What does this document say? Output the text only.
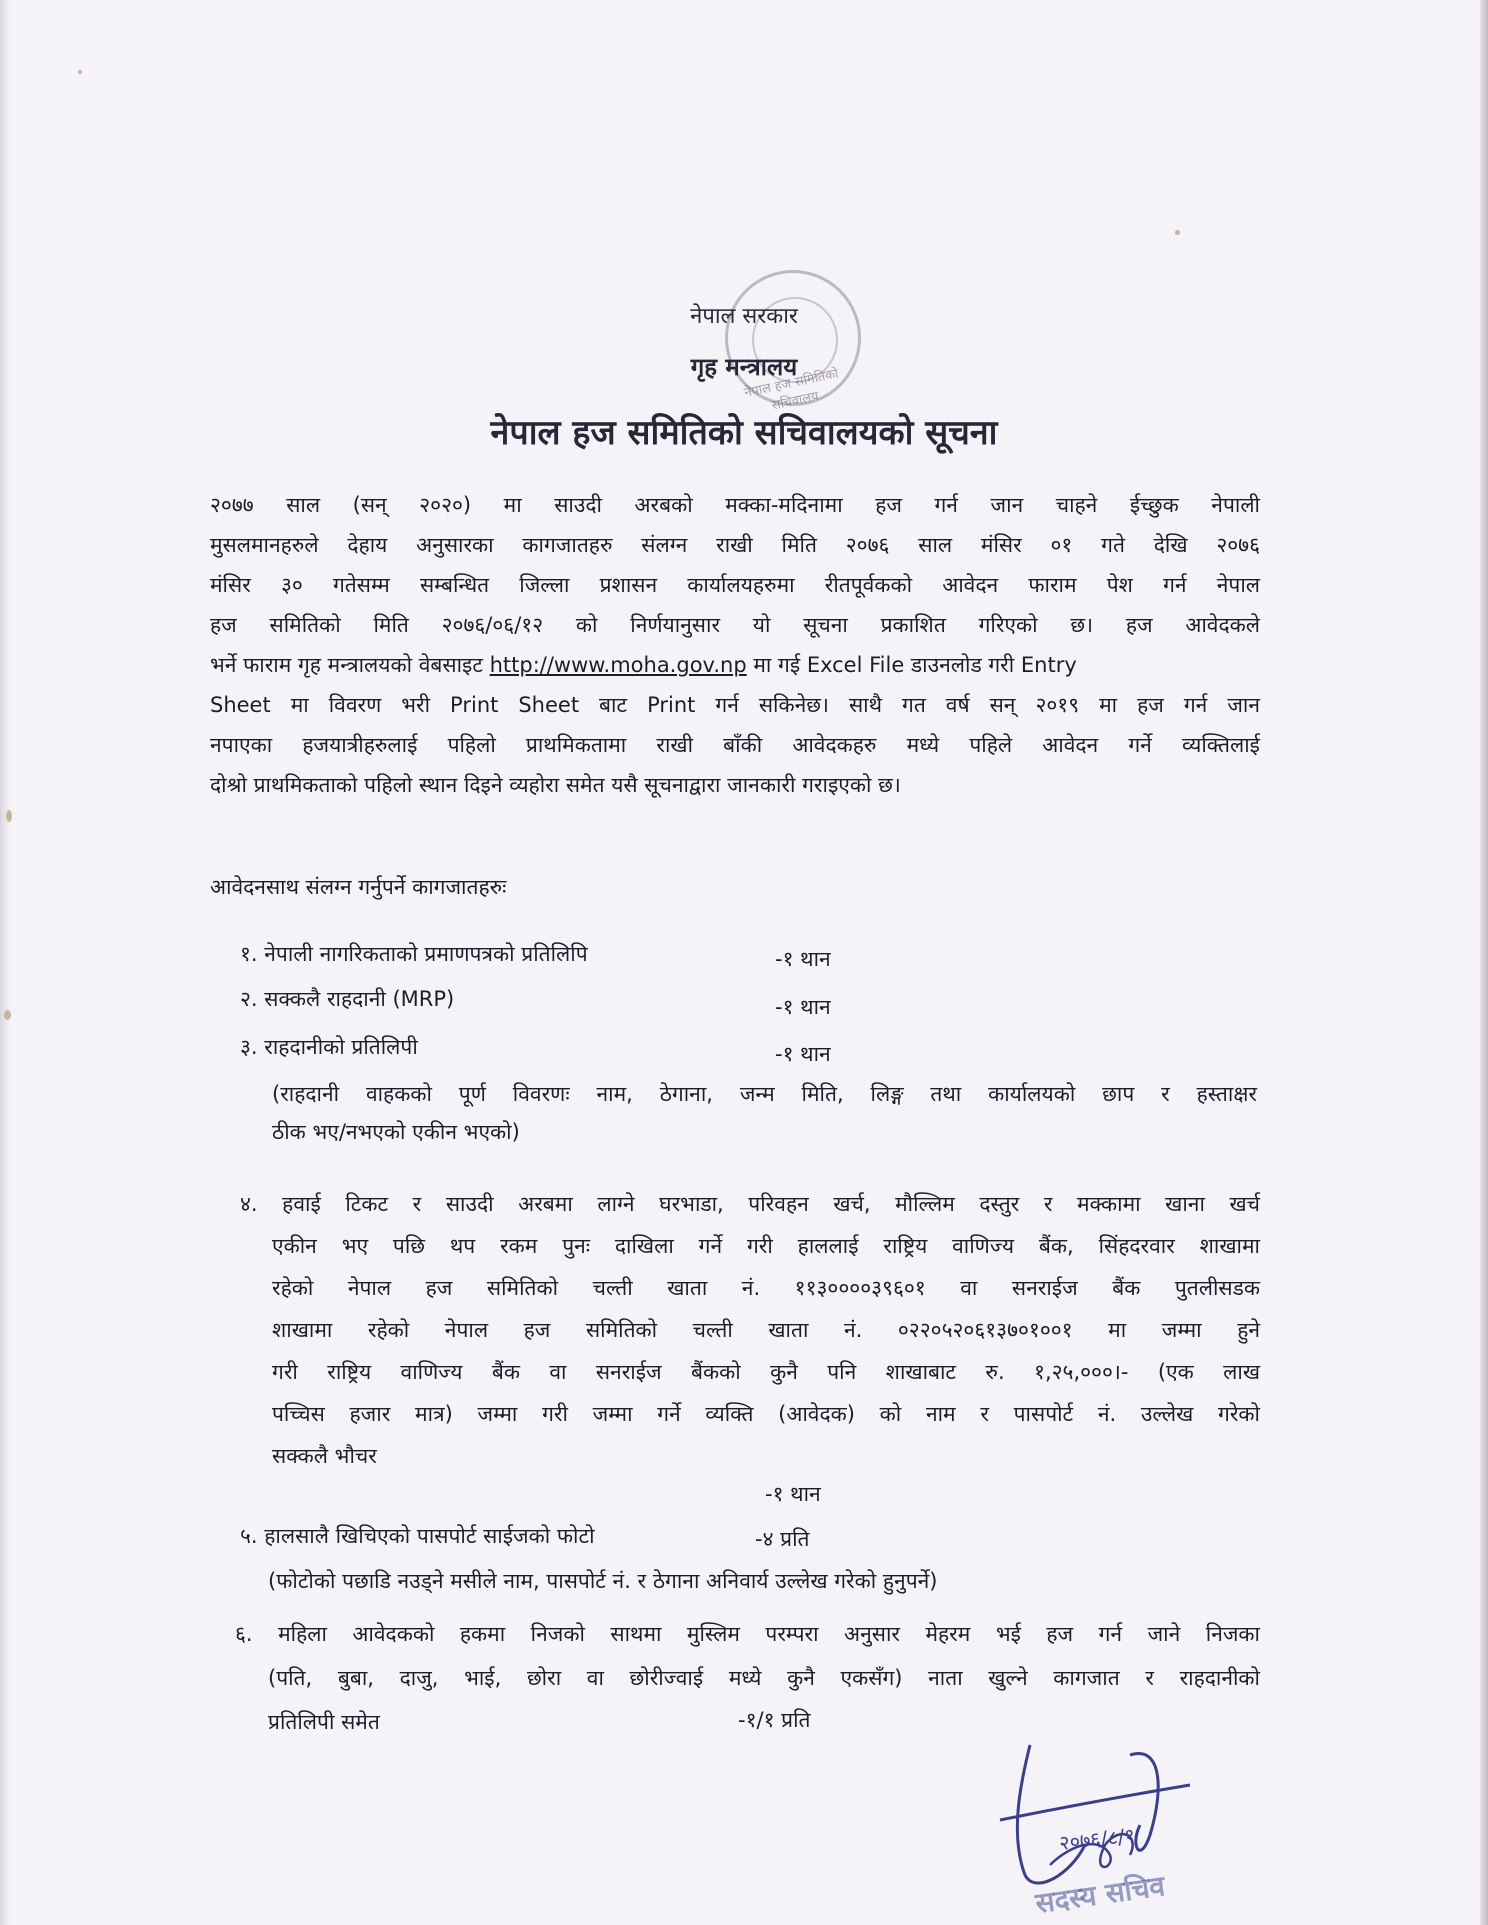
नेपाल हज समितिको सचिवालय
नेपाल सरकार
गृह मन्त्रालय
नेपाल हज समितिको सचिवालयको सूचना
२०७७ साल (सन् २०२०) मा साउदी अरबको मक्का-मदिनामा हज गर्न जान चाहने ईच्छुक नेपाली
मुसलमानहरुले देहाय अनुसारका कागजातहरु संलग्न राखी मिति २०७६ साल मंसिर ०१ गते देखि २०७६
मंसिर ३० गतेसम्म सम्बन्धित जिल्ला प्रशासन कार्यालयहरुमा रीतपूर्वकको आवेदन फाराम पेश गर्न नेपाल
हज समितिको मिति २०७६/०६/१२ को निर्णयानुसार यो सूचना प्रकाशित गरिएको छ। हज आवेदकले
भर्ने फाराम गृह मन्त्रालयको वेबसाइट http://www.moha.gov.np मा गई Excel File डाउनलोड गरी Entry
Sheet मा विवरण भरी Print Sheet बाट Print गर्न सकिनेछ। साथै गत वर्ष सन् २०१९ मा हज गर्न जान
नपाएका हजयात्रीहरुलाई पहिलो प्राथमिकतामा राखी बाँकी आवेदकहरु मध्ये पहिले आवेदन गर्ने व्यक्तिलाई
दोश्रो प्राथमिकताको पहिलो स्थान दिइने व्यहोरा समेत यसै सूचनाद्वारा जानकारी गराइएको छ।
आवेदनसाथ संलग्न गर्नुपर्ने कागजातहरुः
१. नेपाली नागरिकताको प्रमाणपत्रको प्रतिलिपि	-१ थान
२. सक्कलै राहदानी (MRP)	-१ थान
३. राहदानीको प्रतिलिपी	-१ थान
(राहदानी वाहकको पूर्ण विवरणः नाम, ठेगाना, जन्म मिति, लिङ्ग तथा कार्यालयको छाप र हस्ताक्षर
ठीक भए/नभएको एकीन भएको)
४. हवाई टिकट र साउदी अरबमा लाग्ने घरभाडा, परिवहन खर्च, मौल्लिम दस्तुर र मक्कामा खाना खर्च
एकीन भए पछि थप रकम पुनः दाखिला गर्ने गरी हाललाई राष्ट्रिय वाणिज्य बैंक, सिंहदरवार शाखामा
रहेको नेपाल हज समितिको चल्ती खाता नं. ११३००००३९६०१ वा सनराईज बैंक पुतलीसडक
शाखामा रहेको नेपाल हज समितिको चल्ती खाता नं. ०२२०५२०६१३७०१००१ मा जम्मा हुने
गरी राष्ट्रिय वाणिज्य बैंक वा सनराईज बैंकको कुनै पनि शाखाबाट रु. १,२५,०००।- (एक लाख
पच्चिस हजार मात्र) जम्मा गरी जम्मा गर्ने व्यक्ति (आवेदक) को नाम र पासपोर्ट नं. उल्लेख गरेको
सक्कलै भौचर
-१ थान
५. हालसालै खिचिएको पासपोर्ट साईजको फोटो	-४ प्रति
(फोटोको पछाडि नउड्ने मसीले नाम, पासपोर्ट नं. र ठेगाना अनिवार्य उल्लेख गरेको हुनुपर्ने)
६. महिला आवेदकको हकमा निजको साथमा मुस्लिम परम्परा अनुसार मेहरम भई हज गर्न जाने निजका
(पति, बुबा, दाजु, भाई, छोरा वा छोरीज्वाई मध्ये कुनै एकसँग) नाता खुल्ने कागजात र राहदानीको
प्रतिलिपी समेत	-१/१ प्रति
२०७६/८/१
सदस्य सचिव
